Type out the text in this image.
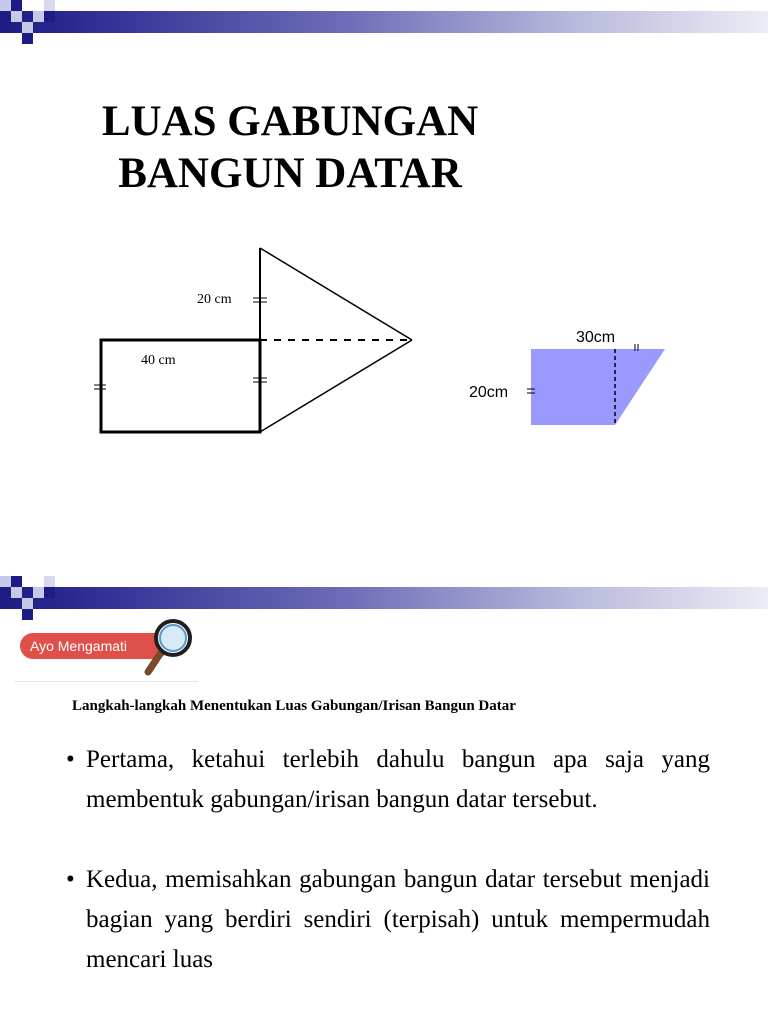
LUAS GABUNGAN
BANGUN DATAR
20 cm
40 cm
30cm
20cm
Ayo Mengamati
Langkah-langkah Menentukan Luas Gabungan/Irisan Bangun Datar
• Pertama, ketahui terlebih dahulu bangun apa saja yang membentuk gabungan/irisan bangun datar tersebut.
• Kedua, memisahkan gabungan bangun datar tersebut menjadi bagian yang berdiri sendiri (terpisah) untuk mempermudah mencari luas
